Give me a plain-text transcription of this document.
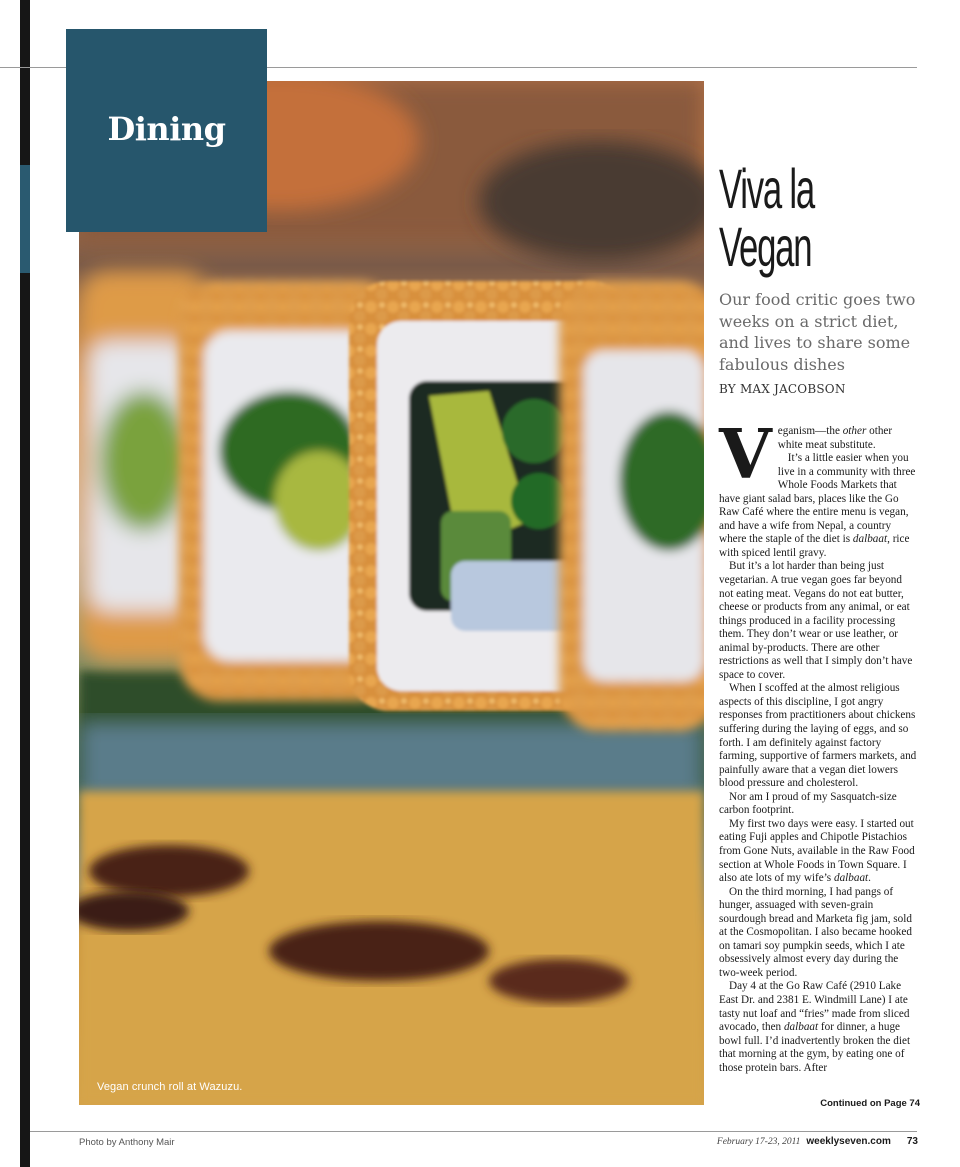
Vegan crunch roll at Wazuzu.
Dining
Viva la
Vegan
Our food critic goes two weeks on a strict diet, and lives to share some fabulous dishes
BY MAX JACOBSON

Veganism—the other other white meat substitute.

It’s a little easier when you live in a community with three Whole Foods Markets that have giant salad bars, places like the Go Raw Café where the entire menu is vegan, and have a wife from Nepal, a country where the staple of the diet is dalbaat, rice with spiced lentil gravy.

But it’s a lot harder than being just vegetarian. A true vegan goes far beyond not eating meat. Vegans do not eat butter, cheese or products from any animal, or eat things produced in a facility processing them. They don’t wear or use leather, or animal by-products. There are other restrictions as well that I simply don’t have space to cover.

When I scoffed at the almost religious aspects of this discipline, I got angry responses from practitioners about chickens suffering during the laying of eggs, and so forth. I am definitely against factory farming, supportive of farmers markets, and painfully aware that a vegan diet lowers blood pressure and cholesterol.

Nor am I proud of my Sasquatch-size carbon footprint.

My first two days were easy. I started out eating Fuji apples and Chipotle Pistachios from Gone Nuts, available in the Raw Food section at Whole Foods in Town Square. I also ate lots of my wife’s dalbaat.

On the third morning, I had pangs of hunger, assuaged with seven-grain sourdough bread and Marketa fig jam, sold at the Cosmopolitan. I also became hooked on tamari soy pumpkin seeds, which I ate obsessively almost every day during the two-week period.

Day 4 at the Go Raw Café (2910 Lake East Dr. and 2381 E. Windmill Lane) I ate tasty nut loaf and “fries” made from sliced avocado, then dalbaat for dinner, a huge bowl full. I’d inadvertently broken the diet that morning at the gym, by eating one of those protein bars. After

Continued on Page 74
Photo by Anthony Mair	February 17-23, 2011 weeklyseven.com 73
